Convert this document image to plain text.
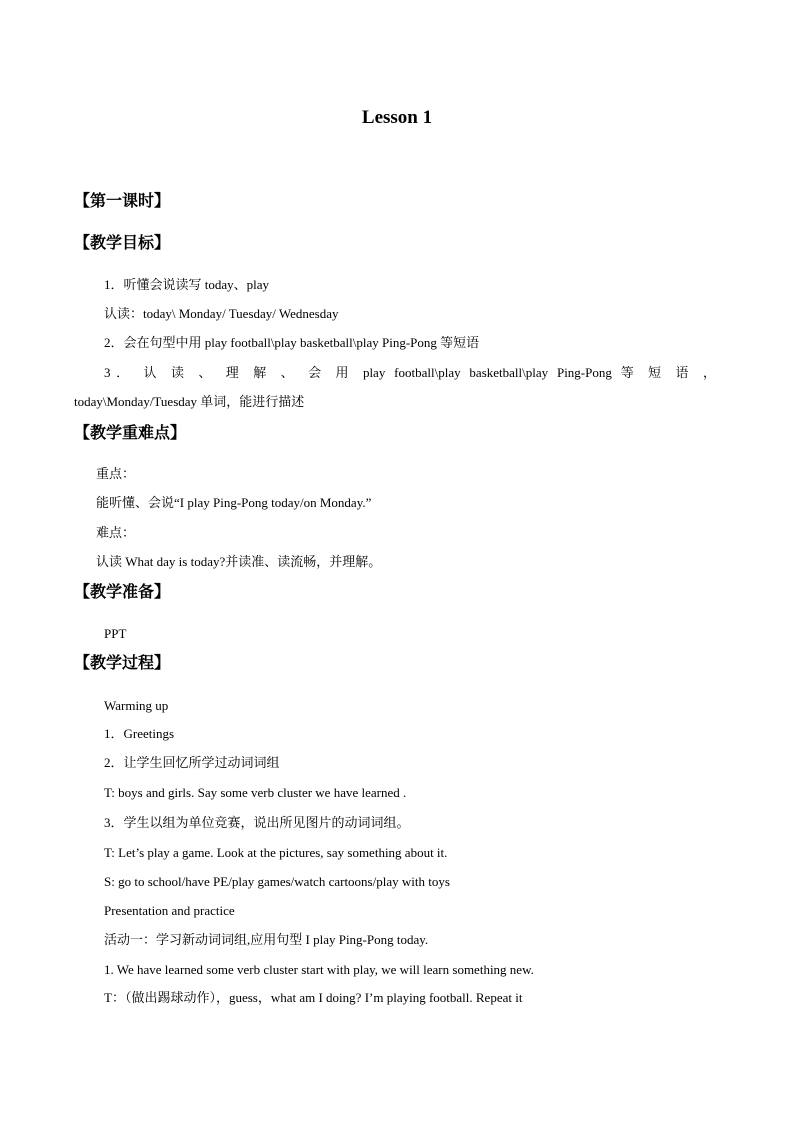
Lesson 1
【第一课时】
【教学目标】
1．听懂会说读写 today、play
认读：today\ Monday/ Tuesday/ Wednesday
2．会在句型中用 play football\play basketball\play Ping-Pong 等短语
3． 认 读 、 理 解 、 会 用 play football\play basketball\play Ping-Pong 等 短 语 ，
today\Monday/Tuesday 单词，能进行描述
【教学重难点】
重点：
能听懂、会说“I play Ping-Pong today/on Monday.”
难点：
认读 What day is today?并读准、读流畅，并理解。
【教学准备】
PPT
【教学过程】
Warming up
1．Greetings
2．让学生回忆所学过动词词组
T: boys and girls. Say some verb cluster we have learned .
3．学生以组为单位竞赛，说出所见图片的动词词组。
T: Let’s play a game. Look at the pictures, say something about it.
S: go to school/have PE/play games/watch cartoons/play with toys
Presentation and practice
活动一：学习新动词词组,应用句型 I play Ping-Pong today.
1. We have learned some verb cluster start with play, we will learn something new.
T：（做出踢球动作），guess，what am I doing? I’m playing football. Repeat it
